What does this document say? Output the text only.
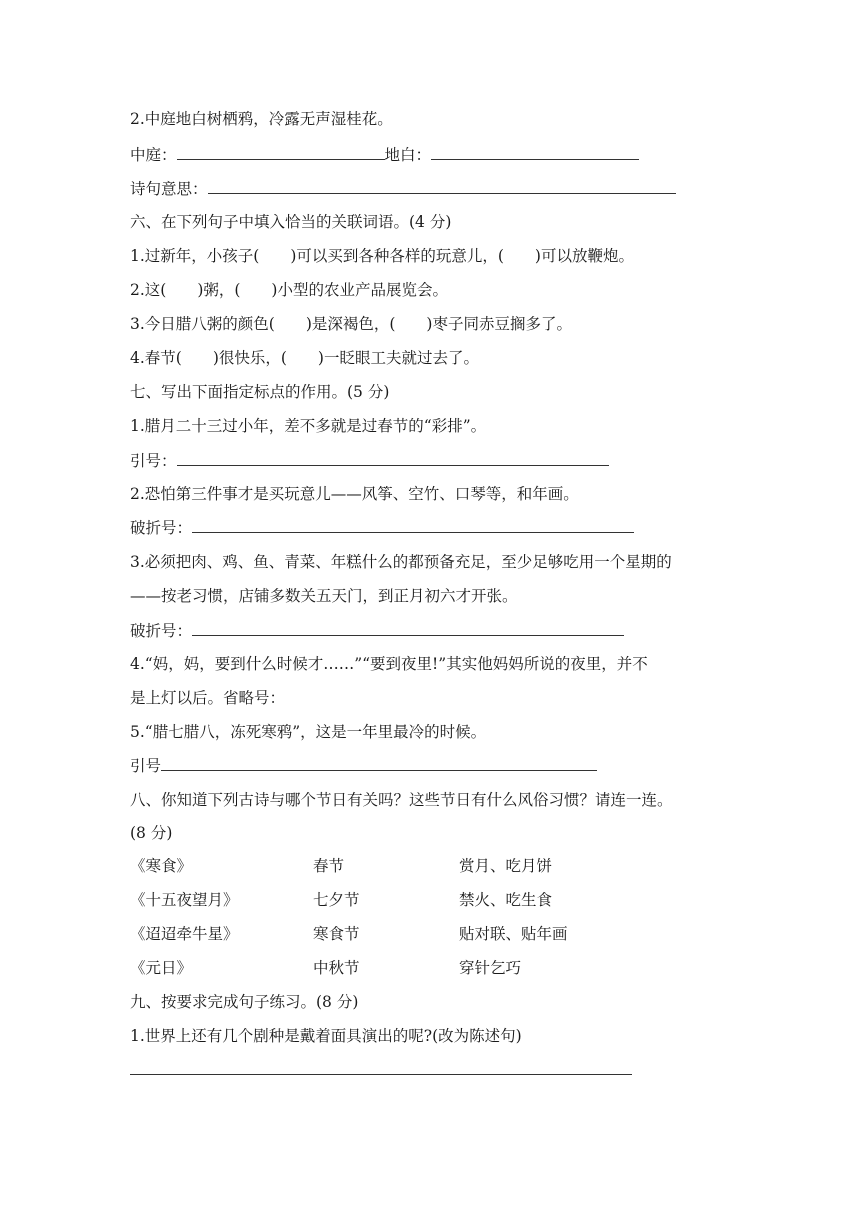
2.中庭地白树栖鸦，冷露无声湿桂花。
中庭：	地白：
诗句意思：
六、在下列句子中填入恰当的关联词语。(4 分)
1.过新年，小孩子(　　)可以买到各种各样的玩意儿，(　　)可以放鞭炮。
2.这(　　)粥，(　　)小型的农业产品展览会。
3.今日腊八粥的颜色(　　)是深褐色，(　　)枣子同赤豆搁多了。
4.春节(　　)很快乐，(　　)一眨眼工夫就过去了。
七、写出下面指定标点的作用。(5 分)
1.腊月二十三过小年，差不多就是过春节的“彩排”。
引号：
2.恐怕第三件事才是买玩意儿——风筝、空竹、口琴等，和年画。
破折号：
3.必须把肉、鸡、鱼、青菜、年糕什么的都预备充足，至少足够吃用一个星期的
——按老习惯，店铺多数关五天门，到正月初六才开张。
破折号：
4.“妈，妈，要到什么时候才……”“要到夜里!”其实他妈妈所说的夜里，并不
是上灯以后。省略号：
5.“腊七腊八，冻死寒鸦”，这是一年里最冷的时候。
引号
八、你知道下列古诗与哪个节日有关吗？这些节日有什么风俗习惯？请连一连。
(8 分)
《寒食》	春节	赏月、吃月饼
《十五夜望月》	七夕节	禁火、吃生食
《迢迢牵牛星》	寒食节	贴对联、贴年画
《元日》	中秋节	穿针乞巧
九、按要求完成句子练习。(8 分)
1.世界上还有几个剧种是戴着面具演出的呢?(改为陈述句)
